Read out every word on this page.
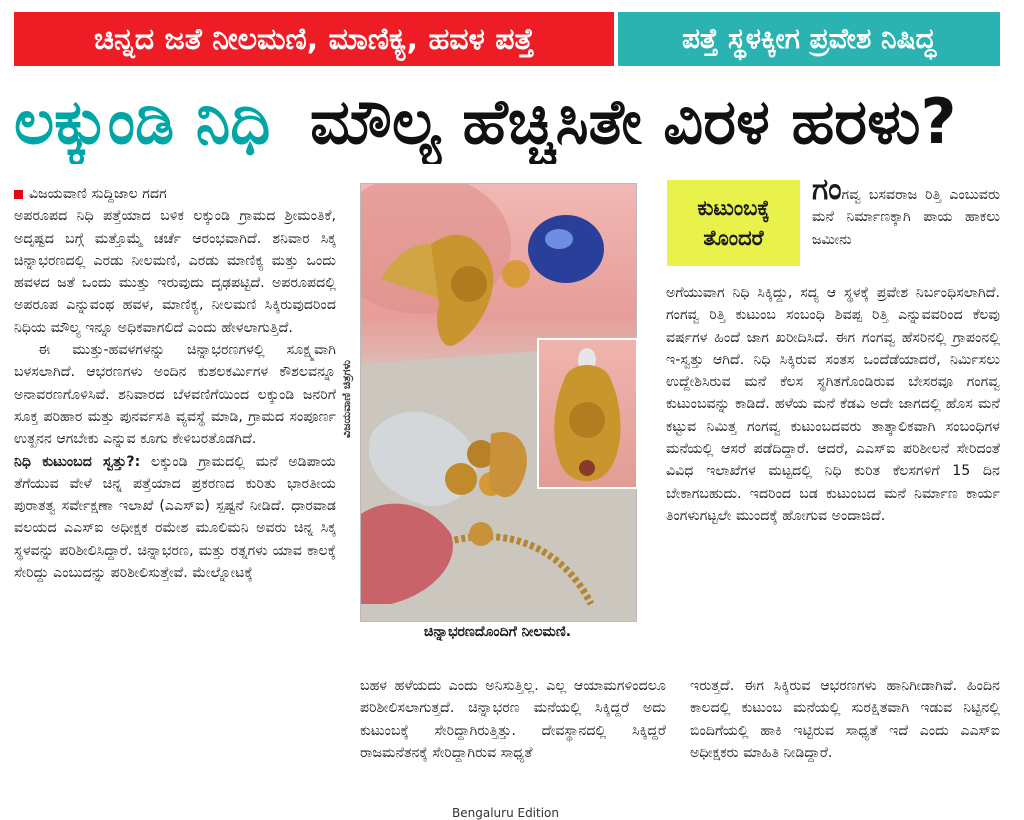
ಚಿನ್ನದ ಜತೆ ನೀಲಮಣಿ, ಮಾಣಿಕ್ಯ, ಹವಳ ಪತ್ತೆ	ಪತ್ತೆ ಸ್ಥಳಕ್ಕೀಗ ಪ್ರವೇಶ ನಿಷಿದ್ಧ
ಲಕ್ಕುಂಡಿ ನಿಧಿ ಮೌಲ್ಯ ಹೆಚ್ಚಿಸಿತೇ ವಿರಳ ಹರಳು?
ವಿಜಯವಾಣಿ ಸುದ್ದಿಜಾಲ ಗದಗ

ಅಪರೂಪದ ನಿಧಿ ಪತ್ತೆಯಾದ ಬಳಿಕ ಲಕ್ಕುಂಡಿ ಗ್ರಾಮದ ಶ್ರೀಮಂತಿಕೆ, ಅದೃಷ್ಟದ ಬಗ್ಗೆ ಮತ್ತೊಮ್ಮೆ ಚರ್ಚೆ ಆರಂಭವಾಗಿದೆ. ಶನಿವಾರ ಸಿಕ್ಕ ಚಿನ್ನಾಭರಣದಲ್ಲಿ ಎರಡು ನೀಲಮಣಿ, ಎರಡು ಮಾಣಿಕ್ಯ ಮತ್ತು ಒಂದು ಹವಳದ ಜತೆ ಒಂದು ಮುತ್ತು ಇರುವುದು ದೃಢಪಟ್ಟಿದೆ. ಅಪರೂಪದಲ್ಲಿ ಅಪರೂಪ ಎನ್ನುವಂಥ ಹವಳ, ಮಾಣಿಕ್ಯ, ನೀಲಮಣಿ ಸಿಕ್ಕಿರುವುದರಿಂದ ನಿಧಿಯ ಮೌಲ್ಯ ಇನ್ನೂ ಅಧಿಕವಾಗಲಿದೆ ಎಂದು ಹೇಳಲಾಗುತ್ತಿದೆ.

ಈ ಮುತ್ತು-ಹವಳಗಳನ್ನು ಚಿನ್ನಾಭರಣಗಳಲ್ಲಿ ಸೂಕ್ಷ್ಮವಾಗಿ ಬಳಸಲಾಗಿದೆ. ಆಭರಣಗಳು ಅಂದಿನ ಕುಶಲಕರ್ಮಿಗಳ ಕೌಶಲವನ್ನೂ ಅನಾವರಣಗೊಳಿಸಿವೆ. ಶನಿವಾರದ ಬೆಳವಣಿಗೆಯಿಂದ ಲಕ್ಕುಂಡಿ ಜನರಿಗೆ ಸೂಕ್ತ ಪರಿಹಾರ ಮತ್ತು ಪುನರ್ವಸತಿ ವ್ಯವಸ್ಥೆ ಮಾಡಿ, ಗ್ರಾಮದ ಸಂಪೂರ್ಣ ಉತ್ಖನನ ಆಗಬೇಕು ಎನ್ನುವ ಕೂಗು ಕೇಳಿಬರತೊಡಗಿದೆ.

ನಿಧಿ ಕುಟುಂಬದ ಸ್ವತ್ತು?: ಲಕ್ಕುಂಡಿ ಗ್ರಾಮದಲ್ಲಿ ಮನೆ ಅಡಿಪಾಯ ತೆಗೆಯುವ ವೇಳೆ ಚಿನ್ನ ಪತ್ತೆಯಾದ ಪ್ರಕರಣದ ಕುರಿತು ಭಾರತೀಯ ಪುರಾತತ್ವ ಸರ್ವೇಕ್ಷಣಾ ಇಲಾಖೆ (ಎಎಸ್‌ಐ) ಸ್ಪಷ್ಟನೆ ನೀಡಿದೆ. ಧಾರವಾಡ ವಲಯದ ಎಎಸ್‌ಐ ಅಧೀಕ್ಷಕ ರಮೇಶ ಮೂಲಿಮನಿ ಅವರು ಚಿನ್ನ ಸಿಕ್ಕ ಸ್ಥಳವನ್ನು ಪರಿಶೀಲಿಸಿದ್ದಾರೆ. ಚಿನ್ನಾಭರಣ, ಮತ್ತು ರತ್ನಗಳು ಯಾವ ಕಾಲಕ್ಕೆ ಸೇರಿದ್ದು ಎಂಬುದನ್ನು ಪರಿಶೀಲಿಸುತ್ತೇವೆ. ಮೇಲ್ನೋಟಕ್ಕೆ

ವಿಜಯವಾಣಿ ಚಿತ್ರಗಳು
ಚಿನ್ನಾಭರಣದೊಂದಿಗೆ ನೀಲಮಣಿ.

ಬಹಳ ಹಳೆಯದು ಎಂದು ಅನಿಸುತ್ತಿಲ್ಲ. ಎಲ್ಲ ಆಯಾಮಗಳಿಂದಲೂ ಪರಿಶೀಲಿಸಲಾಗುತ್ತದೆ. ಚಿನ್ನಾಭರಣ ಮನೆಯಲ್ಲಿ ಸಿಕ್ಕಿದ್ದರೆ ಅದು ಕುಟುಂಬಕ್ಕೆ ಸೇರಿದ್ದಾಗಿರುತ್ತಿತ್ತು. ದೇವಸ್ಥಾನದಲ್ಲಿ ಸಿಕ್ಕಿದ್ದರೆ ರಾಜಮನೆತನಕ್ಕೆ ಸೇರಿದ್ದಾಗಿರುವ ಸಾಧ್ಯತೆ

ಕುಟುಂಬಕ್ಕೆ
ತೊಂದರೆ

ಗಂಗವ್ವ ಬಸವರಾಜ ರಿತ್ತಿ ಎಂಬುವರು ಮನೆ ನಿರ್ಮಾಣಕ್ಕಾಗಿ ಪಾಯ ಹಾಕಲು ಜಮೀನು

ಅಗೆಯುವಾಗ ನಿಧಿ ಸಿಕ್ಕಿದ್ದು, ಸದ್ಯ ಆ ಸ್ಥಳಕ್ಕೆ ಪ್ರವೇಶ ನಿರ್ಬಂಧಿಸಲಾಗಿದೆ. ಗಂಗವ್ವ ರಿತ್ತಿ ಕುಟುಂಬ ಸಂಬಂಧಿ ಶಿವಪ್ಪ ರಿತ್ತಿ ಎನ್ನುವವರಿಂದ ಕೆಲವು ವರ್ಷಗಳ ಹಿಂದೆ ಜಾಗ ಖರೀದಿಸಿದೆ. ಈಗ ಗಂಗವ್ವ ಹೆಸರಿನಲ್ಲಿ ಗ್ರಾಪಂನಲ್ಲಿ ಇ-ಸ್ವತ್ತು ಆಗಿದೆ. ನಿಧಿ ಸಿಕ್ಕಿರುವ ಸಂತಸ ಒಂದೆಡೆಯಾದರೆ, ನಿರ್ಮಿಸಲು ಉದ್ದೇಶಿಸಿರುವ ಮನೆ ಕೆಲಸ ಸ್ಥಗಿತಗೊಂಡಿರುವ ಬೇಸರವೂ ಗಂಗವ್ವ ಕುಟುಂಬವನ್ನು ಕಾಡಿದೆ. ಹಳೆಯ ಮನೆ ಕೆಡವಿ ಅದೇ ಜಾಗದಲ್ಲಿ ಹೊಸ ಮನೆ ಕಟ್ಟುವ ನಿಮಿತ್ತ ಗಂಗವ್ವ ಕುಟುಂಬದವರು ತಾತ್ಕಾಲಿಕವಾಗಿ ಸಂಬಂಧಿಗಳ ಮನೆಯಲ್ಲಿ ಆಸರೆ ಪಡೆದಿದ್ದಾರೆ. ಆದರೆ, ಎಎಸ್‌ಐ ಪರಿಶೀಲನೆ ಸೇರಿದಂತೆ ವಿವಿಧ ಇಲಾಖೆಗಳ ಮಟ್ಟದಲ್ಲಿ ನಿಧಿ ಕುರಿತ ಕೆಲಸಗಳಿಗೆ 15 ದಿನ ಬೇಕಾಗಬಹುದು. ಇದರಿಂದ ಬಡ ಕುಟುಂಬದ ಮನೆ ನಿರ್ಮಾಣ ಕಾರ್ಯ ತಿಂಗಳುಗಟ್ಟಲೇ ಮುಂದಕ್ಕೆ ಹೋಗುವ ಅಂದಾಜಿದೆ.

ಇರುತ್ತದೆ. ಈಗ ಸಿಕ್ಕಿರುವ ಆಭರಣಗಳು ಹಾನಿಗೀಡಾಗಿವೆ. ಹಿಂದಿನ ಕಾಲದಲ್ಲಿ ಕುಟುಂಬ ಮನೆಯಲ್ಲಿ ಸುರಕ್ಷಿತವಾಗಿ ಇಡುವ ನಿಟ್ಟಿನಲ್ಲಿ ಬಿಂದಿಗೆಯಲ್ಲಿ ಹಾಕಿ ಇಟ್ಟಿರುವ ಸಾಧ್ಯತೆ ಇದೆ ಎಂದು ಎಎಸ್‌ಐ ಅಧೀಕ್ಷಕರು ಮಾಹಿತಿ ನೀಡಿದ್ದಾರೆ.

Bengaluru Edition
